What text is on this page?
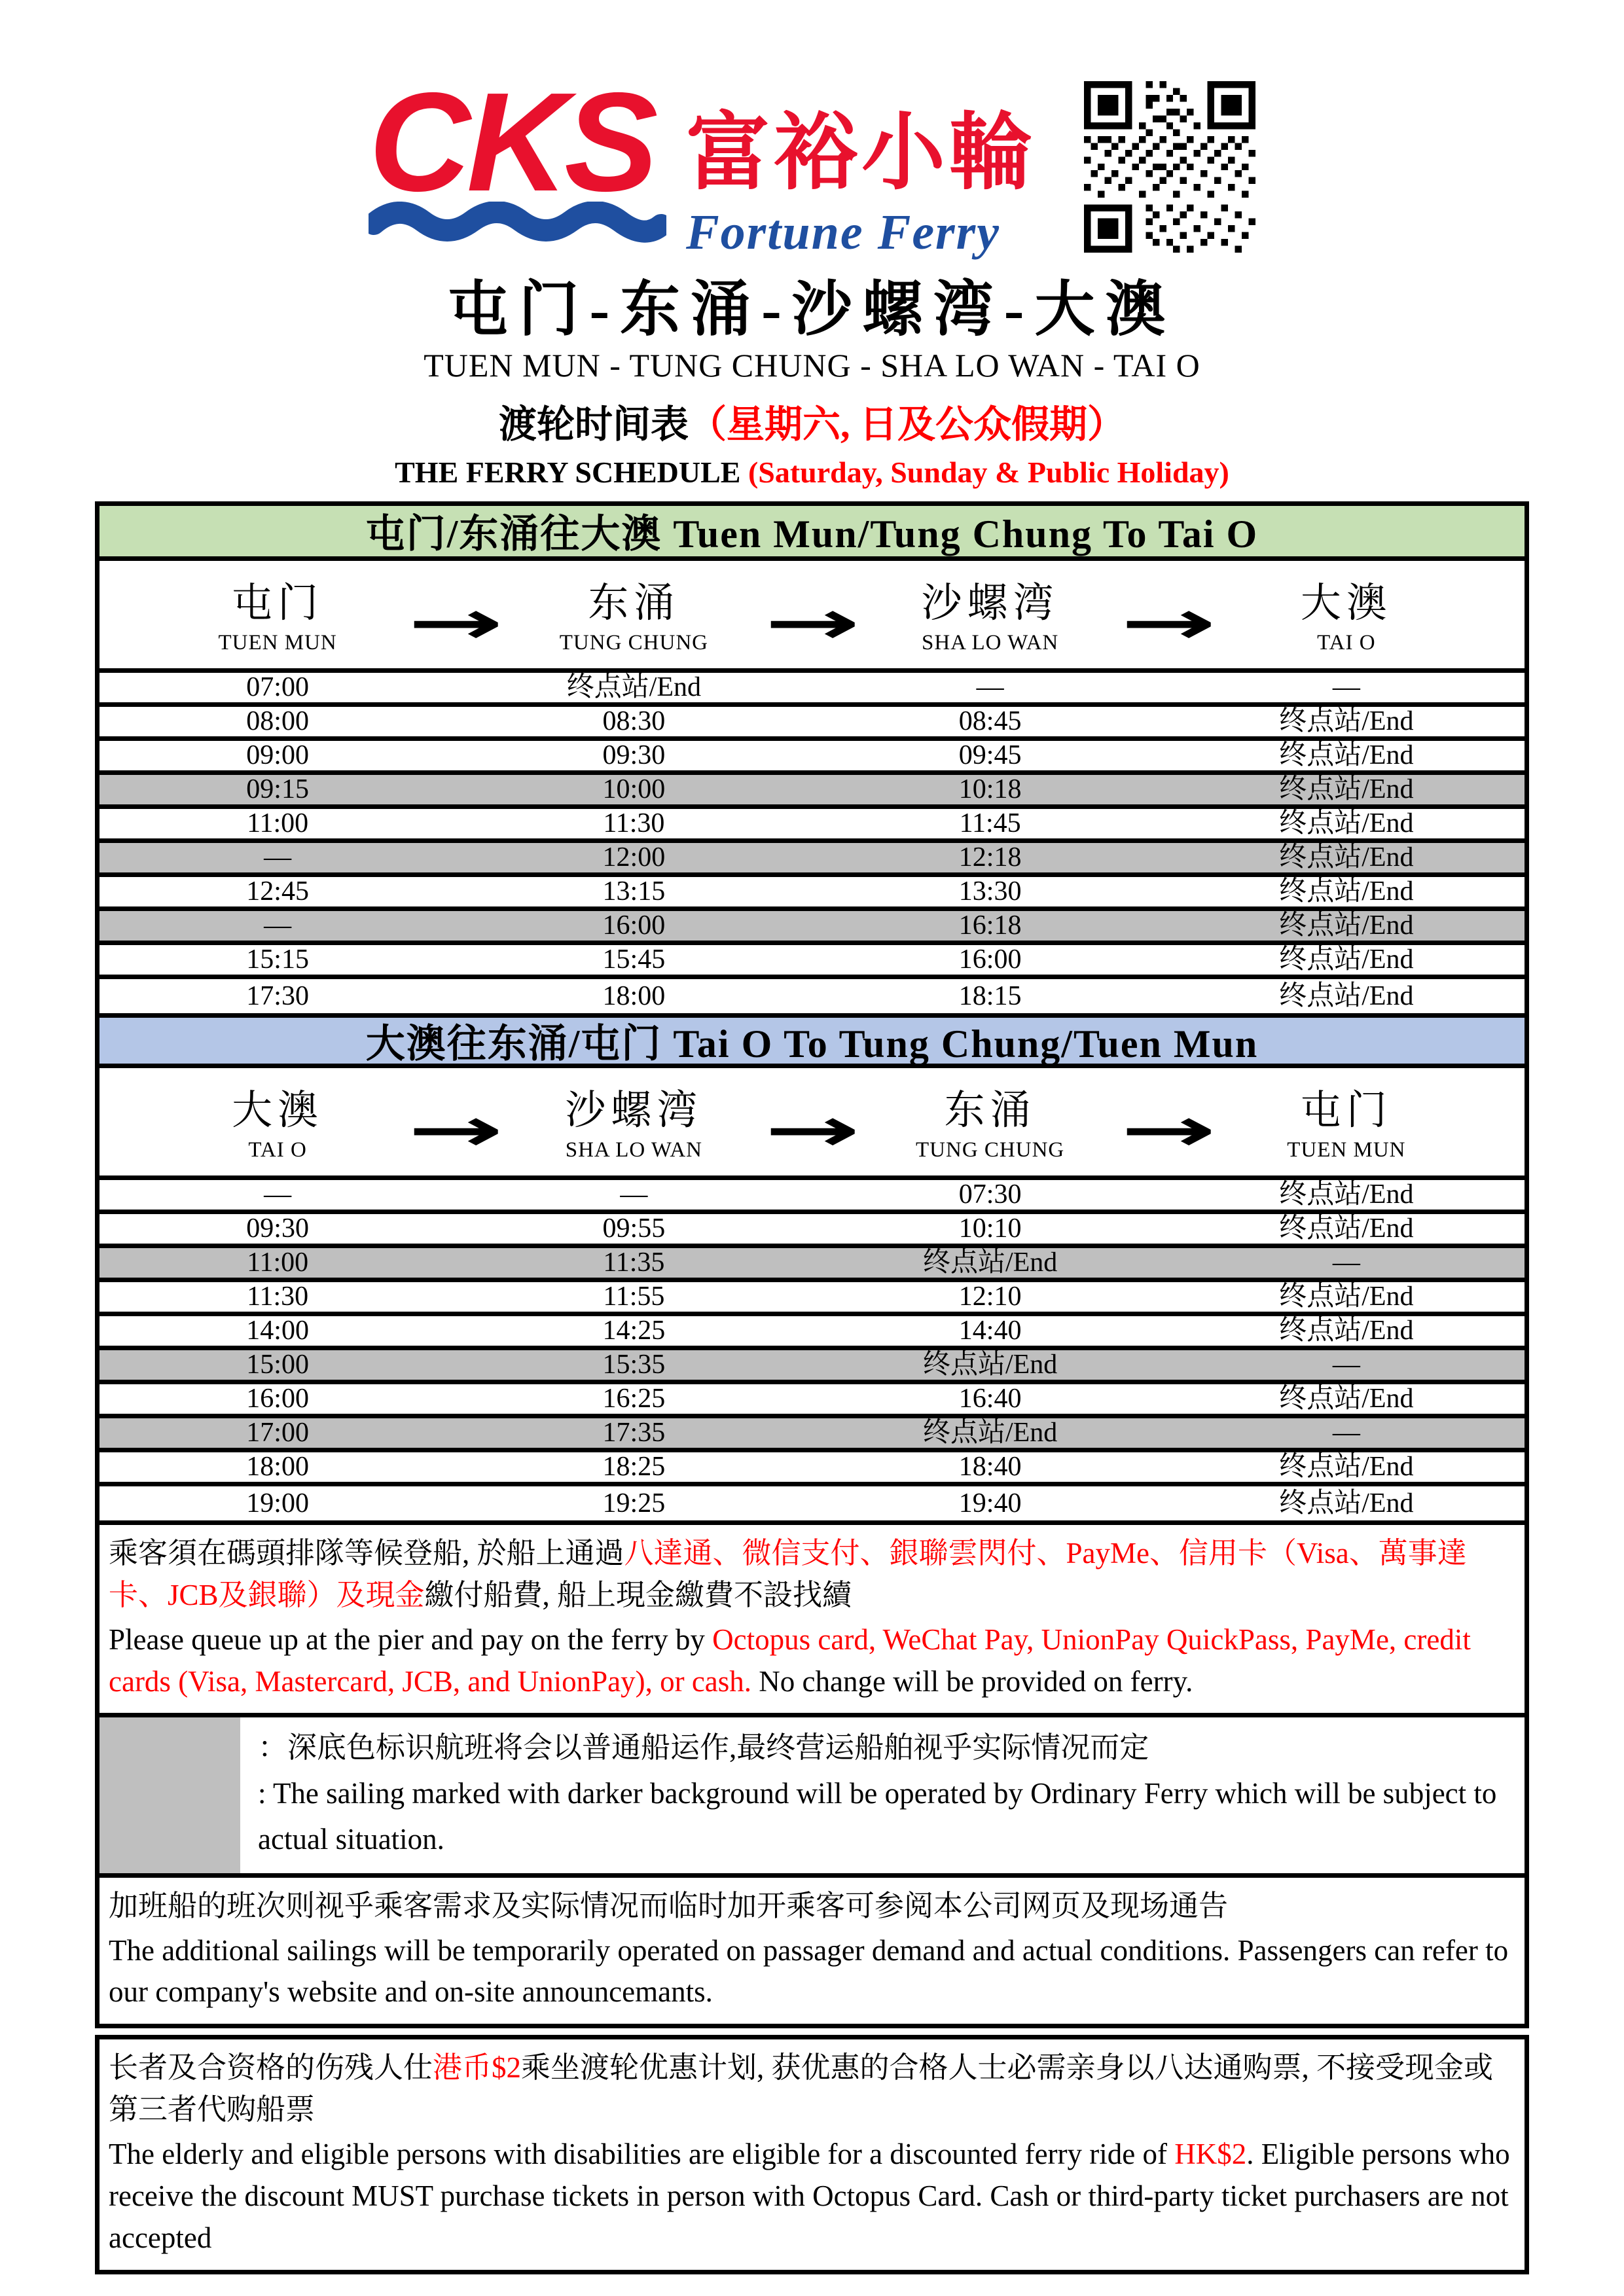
CKS 富裕小輪
Fortune Ferry
屯门-东涌-沙螺湾-大澳
TUEN MUN - TUNG CHUNG - SHA LO WAN - TAI O
渡轮时间表（星期六, 日及公众假期）
THE FERRY SCHEDULE (Saturday, Sunday & Public Holiday)
屯门/东涌往大澳 Tuen Mun/Tung Chung To Tai O
屯门
TUEN MUN
东涌
TUNG CHUNG
沙螺湾
SHA LO WAN
大澳
TAI O
→	→	→
07:00	终点站/End	—	—
08:00	08:30	08:45	终点站/End
09:00	09:30	09:45	终点站/End
09:15	10:00	10:18	终点站/End
11:00	11:30	11:45	终点站/End
—	12:00	12:18	终点站/End
12:45	13:15	13:30	终点站/End
—	16:00	16:18	终点站/End
15:15	15:45	16:00	终点站/End
17:30	18:00	18:15	终点站/End
大澳往东涌/屯门 Tai O To Tung Chung/Tuen Mun
大澳
TAI O
沙螺湾
SHA LO WAN
东涌
TUNG CHUNG
屯门
TUEN MUN
→	→	→
—	—	07:30	终点站/End
09:30	09:55	10:10	终点站/End
11:00	11:35	终点站/End	—
11:30	11:55	12:10	终点站/End
14:00	14:25	14:40	终点站/End
15:00	15:35	终点站/End	—
16:00	16:25	16:40	终点站/End
17:00	17:35	终点站/End	—
18:00	18:25	18:40	终点站/End
19:00	19:25	19:40	终点站/End

乘客須在碼頭排隊等候登船, 於船上通過八達通、微信支付、銀聯雲閃付、PayMe、信用卡（Visa、萬事達卡、JCB及銀聯）及現金繳付船費, 船上現金繳費不設找續

Please queue up at the pier and pay on the ferry by Octopus card, WeChat Pay, UnionPay QuickPass, PayMe, credit cards (Visa, Mastercard, JCB, and UnionPay), or cash. No change will be provided on ferry.

：深底色标识航班将会以普通船运作,最终营运船舶视乎实际情况而定
: The sailing marked with darker background will be operated by Ordinary Ferry which will be subject to actual situation.

加班船的班次则视乎乘客需求及实际情况而临时加开乘客可参阅本公司网页及现场通告

The additional sailings will be temporarily operated on passager demand and actual conditions. Passengers can refer to our company's website and on-site announcemants.

长者及合资格的伤残人仕港币$2乘坐渡轮优惠计划, 获优惠的合格人士必需亲身以八达通购票, 不接受现金或第三者代购船票

The elderly and eligible persons with disabilities are eligible for a discounted ferry ride of HK$2. Eligible persons who receive the discount MUST purchase tickets in person with Octopus Card. Cash or third-party ticket purchasers are not accepted
